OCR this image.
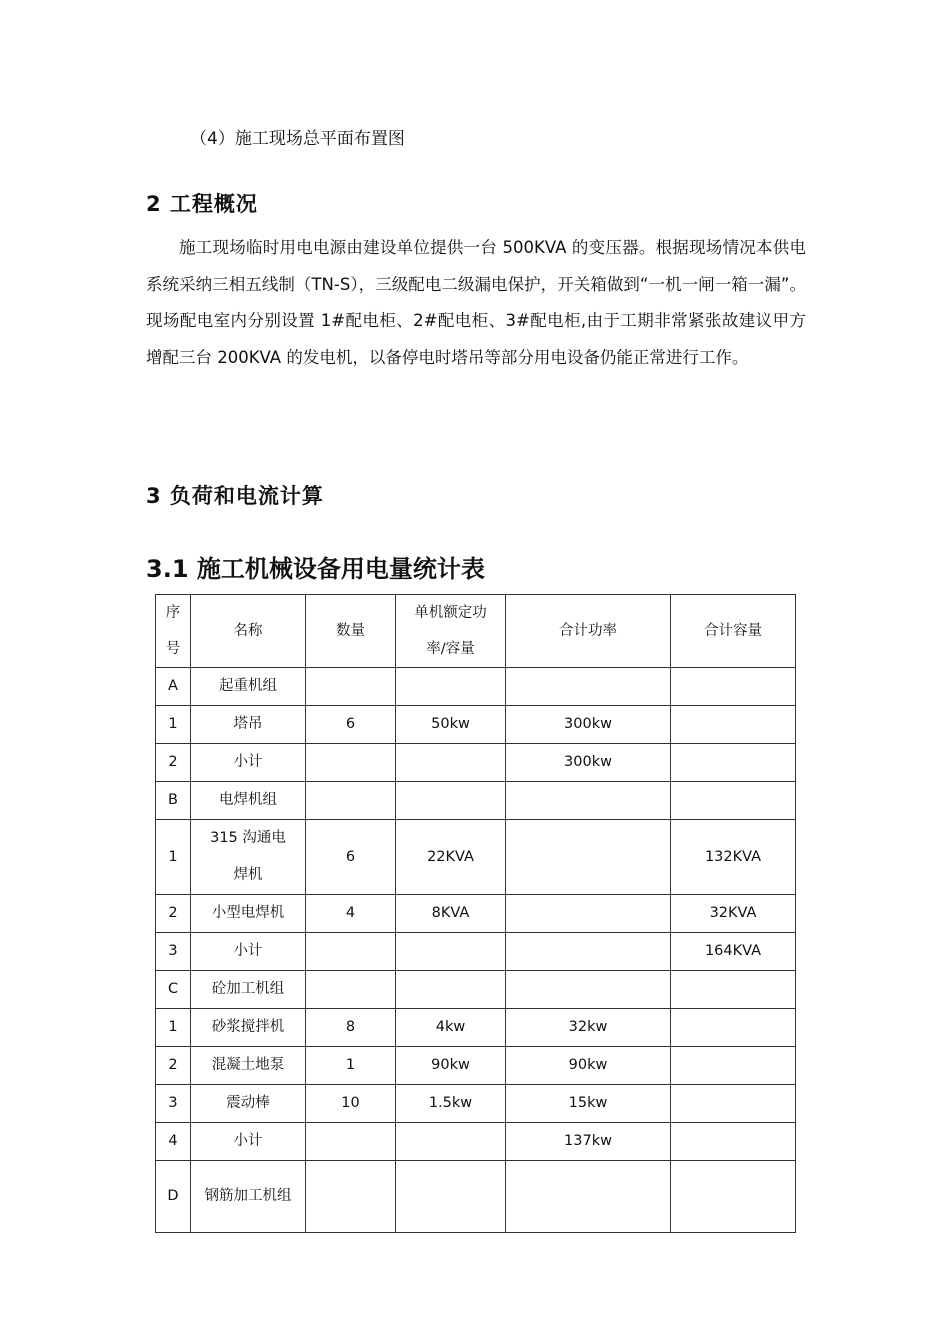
（4）施工现场总平面布置图
2 工程概况

施工现场临时用电电源由建设单位提供一台 500KVA 的变压器。根据现场情况本供电系统采纳三相五线制（TN-S），三级配电二级漏电保护，开关箱做到“一机一闸一箱一漏”。现场配电室内分别设置 1#配电柜、2#配电柜、3#配电柜,由于工期非常紧张故建议甲方增配三台 200KVA 的发电机，以备停电时塔吊等部分用电设备仍能正常进行工作。

3 负荷和电流计算
3.1 施工机械设备用电量统计表
序号	名称	数量	单机额定功率/容量	合计功率	合计容量
A	起重机组				
1	塔吊	6	50kw	300kw	
2	小计			300kw	
B	电焊机组				
1	315 沟通电焊机	6	22KVA		132KVA
2	小型电焊机	4	8KVA		32KVA
3	小计				164KVA
C	砼加工机组				
1	砂浆搅拌机	8	4kw	32kw	
2	混凝土地泵	1	90kw	90kw	
3	震动棒	10	1.5kw	15kw	
4	小计			137kw	
D	钢筋加工机组				
